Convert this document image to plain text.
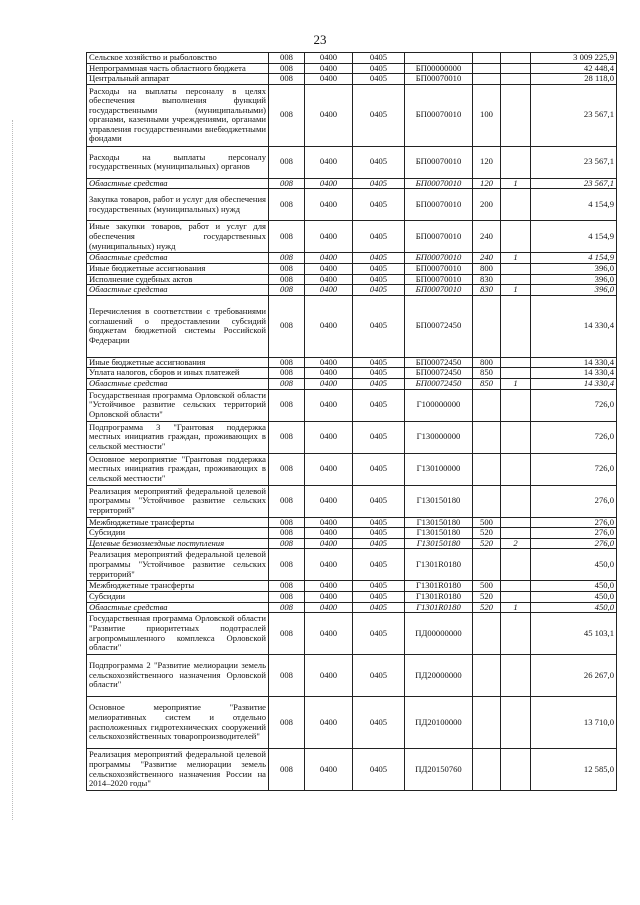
23
Сельское хозяйство и рыболовство	008	0400	0405				3 009 225,9
Непрограммная часть областного бюджета	008	0400	0405	БП00000000			42 448,4
Центральный аппарат	008	0400	0405	БП00070010			28 118,0
Расходы на выплаты персоналу в целях обеспечения выполнения функций государственными (муниципальными) органами, казенными учреждениями, органами управления государственными внебюджетными фондами	008	0400	0405	БП00070010	100		23 567,1
Расходы на выплаты персоналу государственных (муниципальных) органов	008	0400	0405	БП00070010	120		23 567,1
Областные средства	008	0400	0405	БП00070010	120	1	23 567,1
Закупка товаров, работ и услуг для обеспечения государственных (муниципальных) нужд	008	0400	0405	БП00070010	200		4 154,9
Иные закупки товаров, работ и услуг для обеспечения государственных (муниципальных) нужд	008	0400	0405	БП00070010	240		4 154,9
Областные средства	008	0400	0405	БП00070010	240	1	4 154,9
Иные бюджетные ассигнования	008	0400	0405	БП00070010	800		396,0
Исполнение судебных актов	008	0400	0405	БП00070010	830		396,0
Областные средства	008	0400	0405	БП00070010	830	1	396,0
Перечисления в соответствии с требованиями соглашений о предоставлении субсидий бюджетам бюджетной системы Российской Федерации	008	0400	0405	БП00072450			14 330,4
Иные бюджетные ассигнования	008	0400	0405	БП00072450	800		14 330,4
Уплата налогов, сборов и иных платежей	008	0400	0405	БП00072450	850		14 330,4
Областные средства	008	0400	0405	БП00072450	850	1	14 330,4
Государственная программа Орловской области "Устойчивое развитие сельских территорий Орловской области"	008	0400	0405	Г100000000			726,0
Подпрограмма 3 "Грантовая поддержка местных инициатив граждан, проживающих в сельской местности"	008	0400	0405	Г130000000			726,0
Основное мероприятие "Грантовая поддержка местных инициатив граждан, проживающих в сельской местности"	008	0400	0405	Г130100000			726,0
Реализация мероприятий федеральной целевой программы "Устойчивое развитие сельских территорий"	008	0400	0405	Г130150180			276,0
Межбюджетные трансферты	008	0400	0405	Г130150180	500		276,0
Субсидии	008	0400	0405	Г130150180	520		276,0
Целевые безвозмездные поступления	008	0400	0405	Г130150180	520	2	276,0
Реализация мероприятий федеральной целевой программы "Устойчивое развитие сельских территорий"	008	0400	0405	Г1301R0180			450,0
Межбюджетные трансферты	008	0400	0405	Г1301R0180	500		450,0
Субсидии	008	0400	0405	Г1301R0180	520		450,0
Областные средства	008	0400	0405	Г1301R0180	520	1	450,0
Государственная программа Орловской области "Развитие приоритетных подотраслей агропромышленного комплекса Орловской области"	008	0400	0405	ПД00000000			45 103,1
Подпрограмма 2 "Развитие мелиорации земель сельскохозяйственного назначения Орловской области"	008	0400	0405	ПД20000000			26 267,0
Основное мероприятие "Развитие мелиоративных систем и отдельно расположенных гидротехнических сооружений сельскохозяйственных товаропроизводителей"	008	0400	0405	ПД20100000			13 710,0
Реализация мероприятий федеральной целевой программы "Развитие мелиорации земель сельскохозяйственного назначения России на 2014–2020 годы"	008	0400	0405	ПД20150760			12 585,0
